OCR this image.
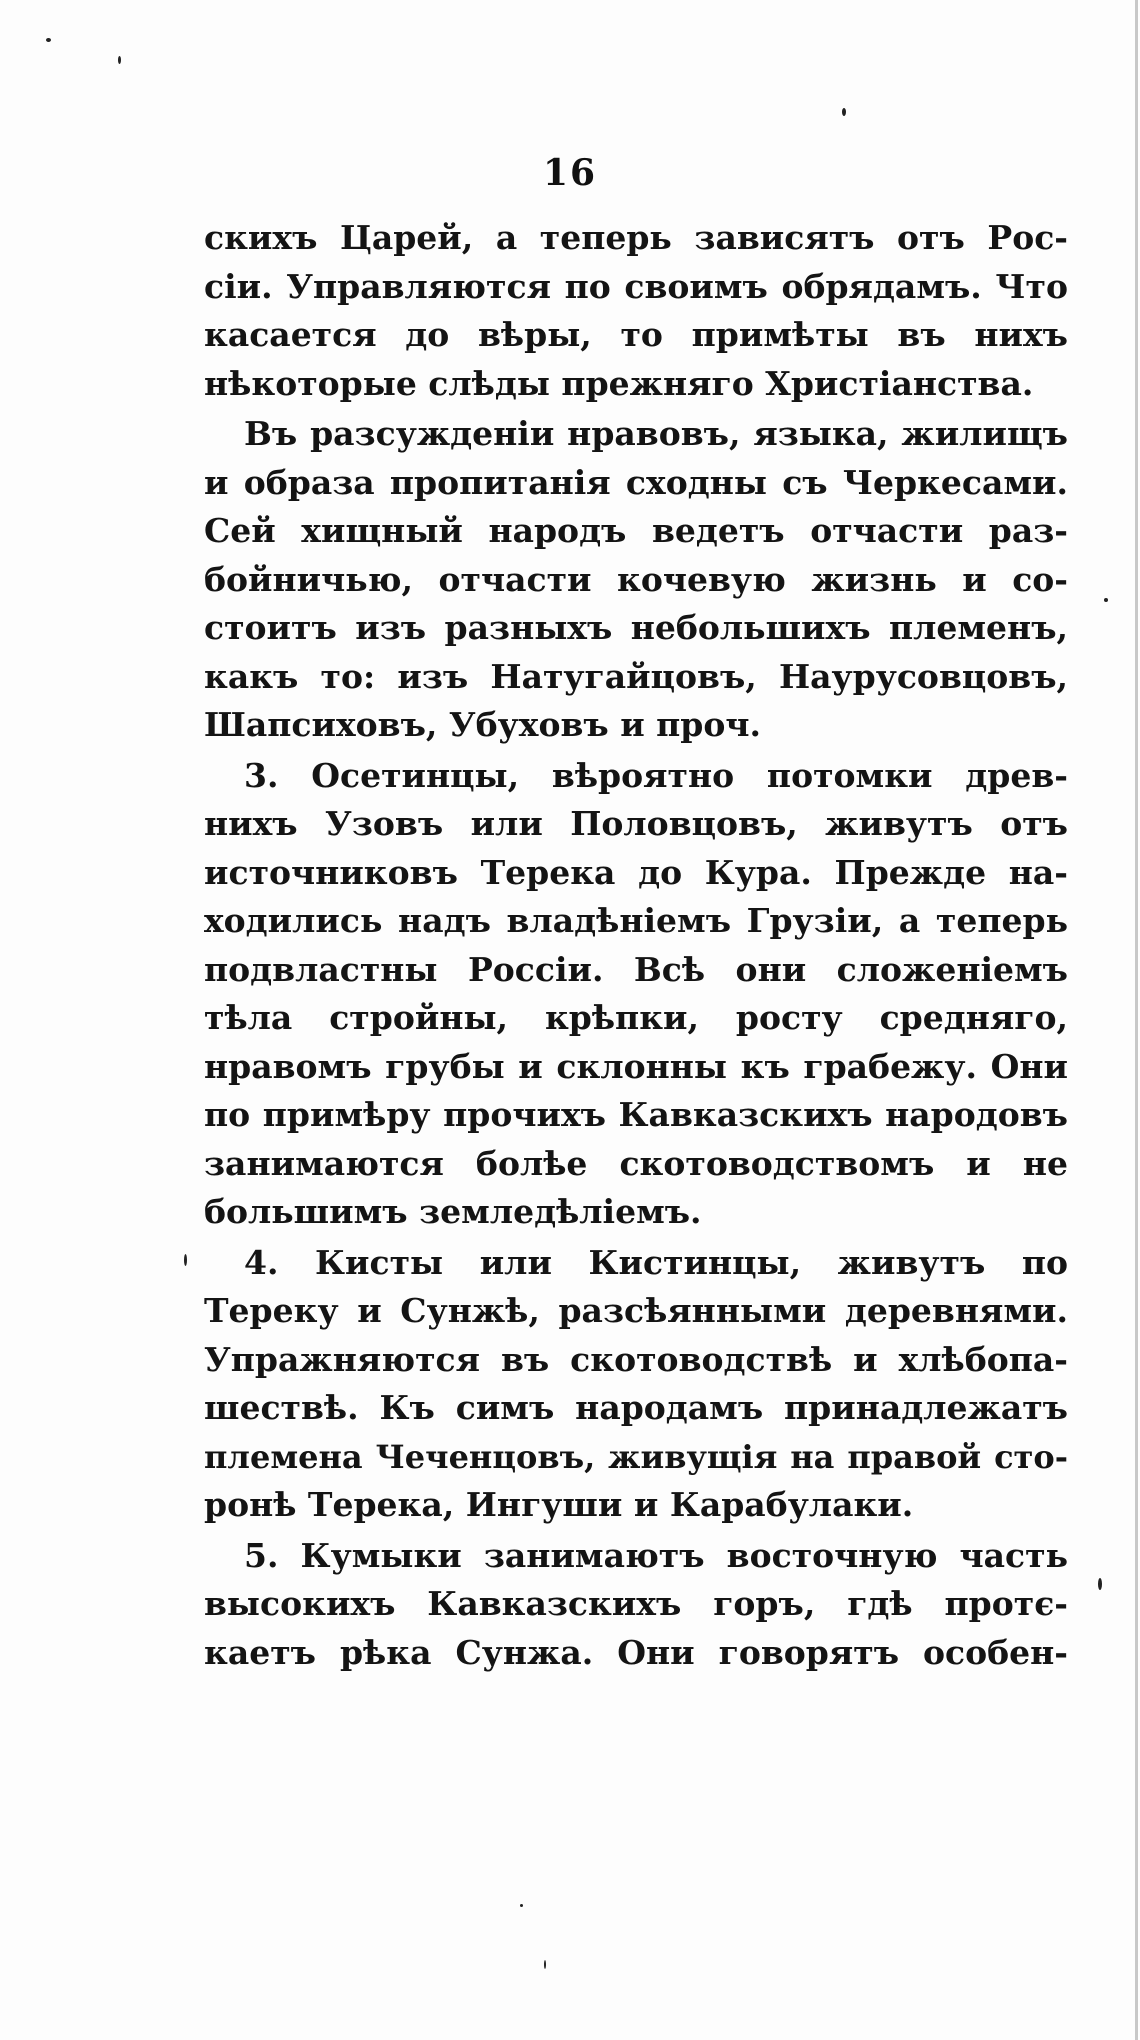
16
скихъ Царей, а теперь зависятъ отъ Рос-
сіи. Управляются по своимъ обрядамъ. Что
касается до вѣры, то примѣты въ нихъ
нѣкоторые слѣды прежняго Христіанства.
Въ разсужденіи нравовъ, языка, жилищъ
и образа пропитанія сходны съ Черкесами.
Сей хищный народъ ведетъ отчасти раз-
бойничью, отчасти кочевую жизнь и со-
стоитъ изъ разныхъ небольшихъ племенъ,
какъ то: изъ Натугайцовъ, Наурусовцовъ,
Шапсиховъ, Убуховъ и проч.
3. Осетинцы, вѣроятно потомки древ-
нихъ Узовъ или Половцовъ, живутъ отъ
источниковъ Терека до Кура. Прежде на-
ходились надъ владѣніемъ Грузіи, а теперь
подвластны Россіи. Всѣ они сложеніемъ
тѣла стройны, крѣпки, росту средняго,
нравомъ грубы и склонны къ грабежу. Они
по примѣру прочихъ Кавказскихъ народовъ
занимаются болѣе скотоводствомъ и не
большимъ земледѣліемъ.
4. Кисты или Кистинцы, живутъ по
Тереку и Сунжѣ, разсѣянными деревнями.
Упражняются въ скотоводствѣ и хлѣбопа-
шествѣ. Къ симъ народамъ принадлежатъ
племена Чеченцовъ, живущія на правой сто-
ронѣ Терека, Ингуши и Карабулаки.
5. Кумыки занимаютъ восточную часть
высокихъ Кавказскихъ горъ, гдѣ протє-
каетъ рѣка Сунжа. Они говорятъ особен-
